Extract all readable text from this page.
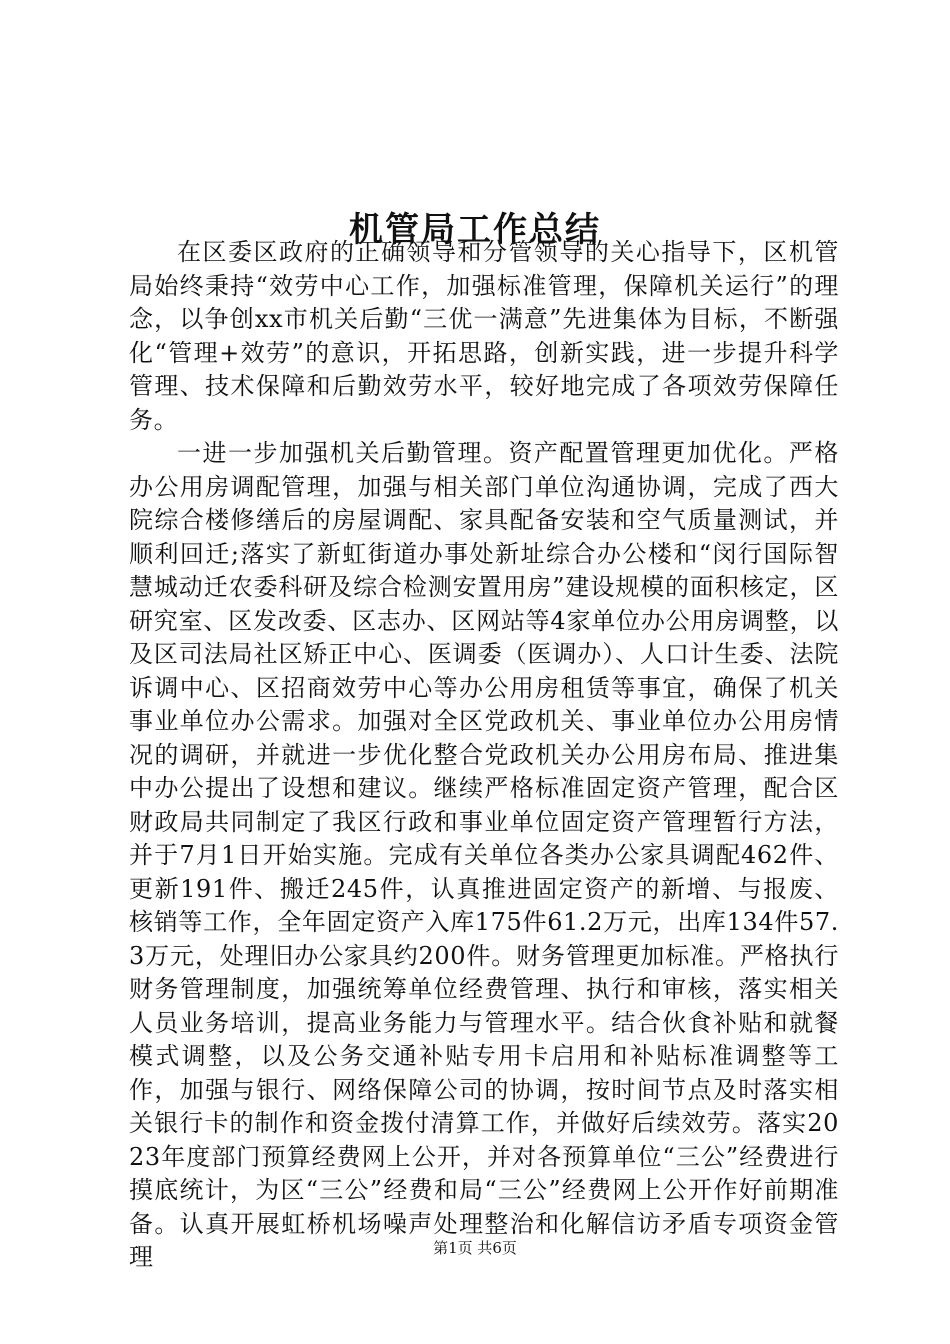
机管局工作总结

在区委区政府的正确领导和分管领导的关心指导下，区机管局始终秉持“效劳中心工作，加强标准管理，保障机关运行”的理念，以争创xx市机关后勤“三优一满意”先进集体为目标，不断强化“管理+效劳”的意识，开拓思路，创新实践，进一步提升科学管理、技术保障和后勤效劳水平，较好地完成了各项效劳保障任务。

一进一步加强机关后勤管理。资产配置管理更加优化。严格办公用房调配管理，加强与相关部门单位沟通协调，完成了西大院综合楼修缮后的房屋调配、家具配备安装和空气质量测试，并顺利回迁;落实了新虹街道办事处新址综合办公楼和“闵行国际智慧城动迁农委科研及综合检测安置用房”建设规模的面积核定，区研究室、区发改委、区志办、区网站等4家单位办公用房调整，以及区司法局社区矫正中心、医调委（医调办）、人口计生委、法院诉调中心、区招商效劳中心等办公用房租赁等事宜，确保了机关事业单位办公需求。加强对全区党政机关、事业单位办公用房情况的调研，并就进一步优化整合党政机关办公用房布局、推进集中办公提出了设想和建议。继续严格标准固定资产管理，配合区财政局共同制定了我区行政和事业单位固定资产管理暂行方法，并于7月1日开始实施。完成有关单位各类办公家具调配462件、更新191件、搬迁245件，认真推进固定资产的新增、与报废、核销等工作，全年固定资产入库175件61.2万元，出库134件57.3万元，处理旧办公家具约200件。财务管理更加标准。严格执行财务管理制度，加强统筹单位经费管理、执行和审核，落实相关人员业务培训，提高业务能力与管理水平。结合伙食补贴和就餐模式调整，以及公务交通补贴专用卡启用和补贴标准调整等工作，加强与银行、网络保障公司的协调，按时间节点及时落实相关银行卡的制作和资金拨付清算工作，并做好后续效劳。落实2023年度部门预算经费网上公开，并对各预算单位“三公”经费进行摸底统计，为区“三公”经费和局“三公”经费网上公开作好前期准备。认真开展虹桥机场噪声处理整治和化解信访矛盾专项资金管理	第1页 共6页
